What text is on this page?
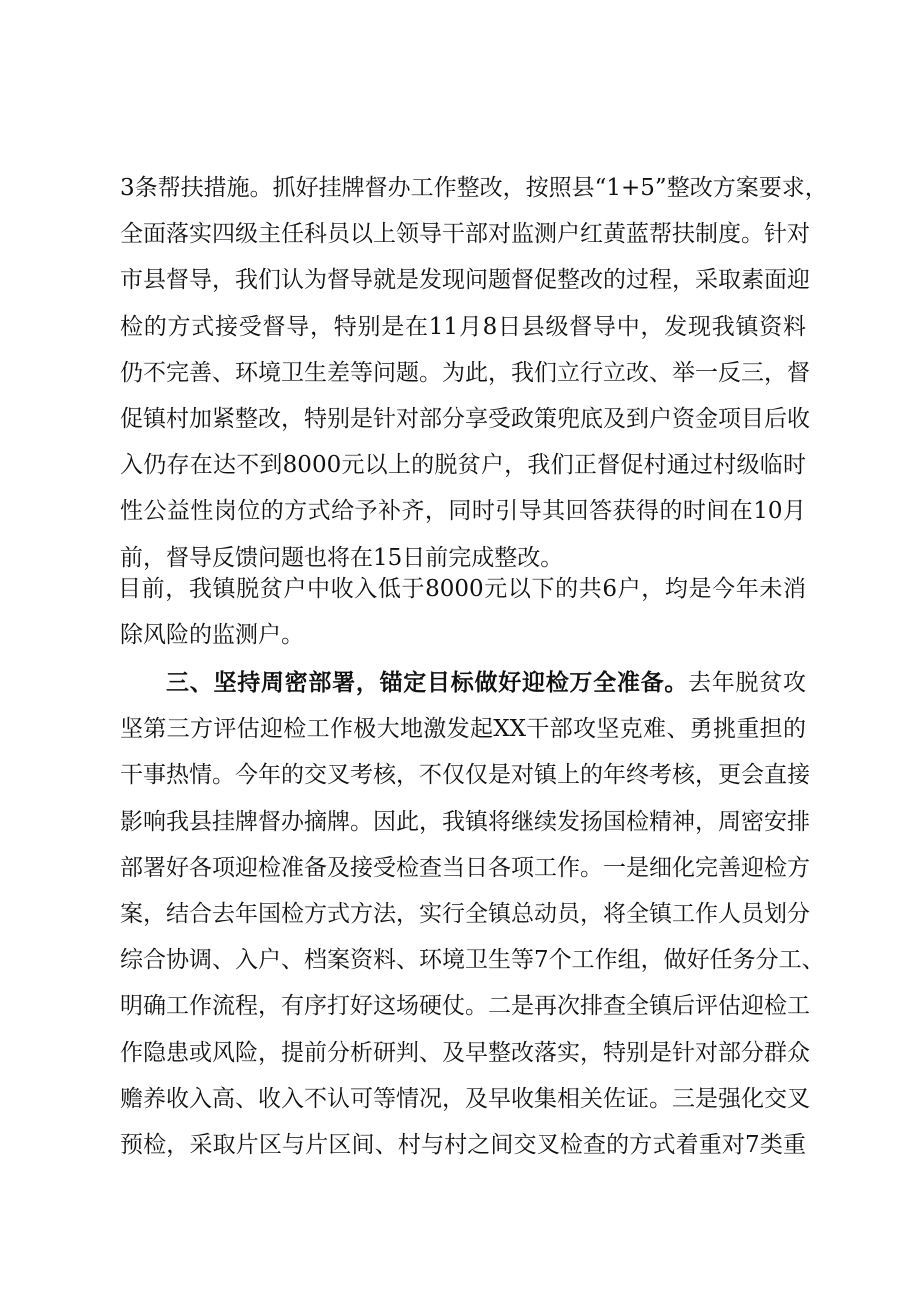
3条帮扶措施。抓好挂牌督办工作整改，按照县“1+5”整改方案要求，
全面落实四级主任科员以上领导干部对监测户红黄蓝帮扶制度。针对
市县督导，我们认为督导就是发现问题督促整改的过程，采取素面迎
检的方式接受督导，特别是在11月8日县级督导中，发现我镇资料
仍不完善、环境卫生差等问题。为此，我们立行立改、举一反三，督
促镇村加紧整改，特别是针对部分享受政策兜底及到户资金项目后收
入仍存在达不到8000元以上的脱贫户，我们正督促村通过村级临时
性公益性岗位的方式给予补齐，同时引导其回答获得的时间在10月
前，督导反馈问题也将在15日前完成整改。
目前，我镇脱贫户中收入低于8000元以下的共6户，均是今年未消
除风险的监测户。
三、坚持周密部署，锚定目标做好迎检万全准备。去年脱贫攻
坚第三方评估迎检工作极大地激发起XX干部攻坚克难、勇挑重担的
干事热情。今年的交叉考核，不仅仅是对镇上的年终考核，更会直接
影响我县挂牌督办摘牌。因此，我镇将继续发扬国检精神，周密安排
部署好各项迎检准备及接受检查当日各项工作。一是细化完善迎检方
案，结合去年国检方式方法，实行全镇总动员，将全镇工作人员划分
综合协调、入户、档案资料、环境卫生等7个工作组，做好任务分工、
明确工作流程，有序打好这场硬仗。二是再次排查全镇后评估迎检工
作隐患或风险，提前分析研判、及早整改落实，特别是针对部分群众
赡养收入高、收入不认可等情况，及早收集相关佐证。三是强化交叉
预检，采取片区与片区间、村与村之间交叉检查的方式着重对7类重
